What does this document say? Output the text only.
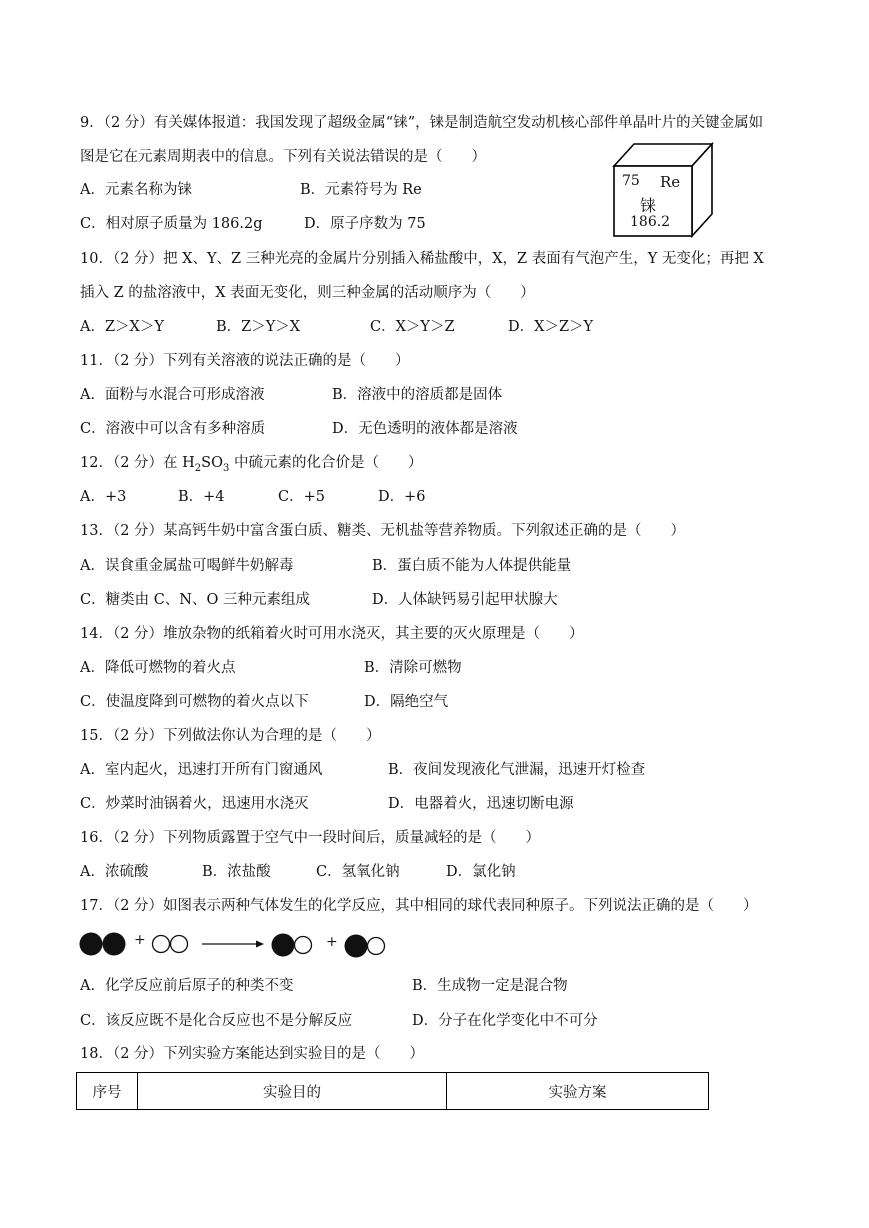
9．（2 分）有关媒体报道：我国发现了超级金属“铼”，铼是制造航空发动机核心部件单晶叶片的关键金属如
图是它在元素周期表中的信息。下列有关说法错误的是（　　）
A．元素名称为铼	B．元素符号为 Re
C．相对原子质量为 186.2g	D．原子序数为 75
75 Re
铼
186.2
10．（2 分）把 X、Y、Z 三种光亮的金属片分别插入稀盐酸中，X，Z 表面有气泡产生，Y 无变化；再把 X
插入 Z 的盐溶液中，X 表面无变化，则三种金属的活动顺序为（　　）
A．Z＞X＞Y	B．Z＞Y＞X	C．X＞Y＞Z	D．X＞Z＞Y
11．（2 分）下列有关溶液的说法正确的是（　　）
A．面粉与水混合可形成溶液	B．溶液中的溶质都是固体
C．溶液中可以含有多种溶质	D．无色透明的液体都是溶液
12．（2 分）在 $H_2SO_3$ 中硫元素的化合价是（　　）
A．+3	B．+4	C．+5	D．+6
13．（2 分）某高钙牛奶中富含蛋白质、糖类、无机盐等营养物质。下列叙述正确的是（　　）
A．误食重金属盐可喝鲜牛奶解毒	B．蛋白质不能为人体提供能量
C．糖类由 C、N、O 三种元素组成	D．人体缺钙易引起甲状腺大
14．（2 分）堆放杂物的纸箱着火时可用水浇灭，其主要的灭火原理是（　　）
A．降低可燃物的着火点	B．清除可燃物
C．使温度降到可燃物的着火点以下	D．隔绝空气
15．（2 分）下列做法你认为合理的是（　　）
A．室内起火，迅速打开所有门窗通风	B．夜间发现液化气泄漏，迅速开灯检查
C．炒菜时油锅着火，迅速用水浇灭	D．电器着火，迅速切断电源
16．（2 分）下列物质露置于空气中一段时间后，质量减轻的是（　　）
A．浓硫酸	B．浓盐酸	C．氢氧化钠	D．氯化钠
17．（2 分）如图表示两种气体发生的化学反应，其中相同的球代表同种原子。下列说法正确的是（　　）
+	+
A．化学反应前后原子的种类不变	B．生成物一定是混合物
C．该反应既不是化合反应也不是分解反应	D．分子在化学变化中不可分
18．（2 分）下列实验方案能达到实验目的是（　　）
序号	实验目的	实验方案
